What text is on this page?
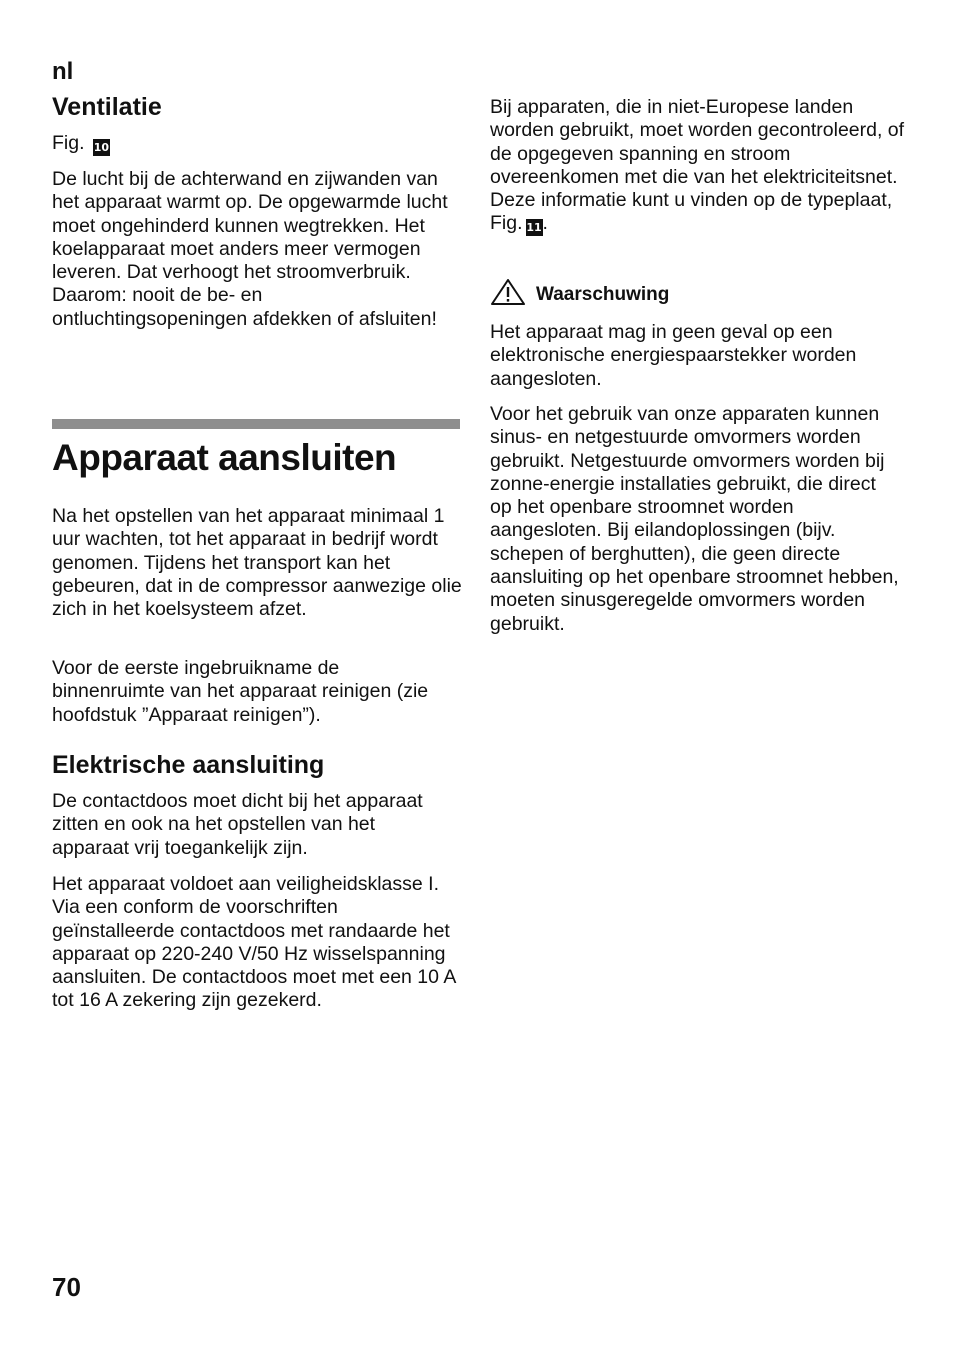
nl
Ventilatie
Fig. 10

De lucht bij de achterwand en zijwanden van het apparaat warmt op. De opgewarmde lucht moet ongehinderd kunnen wegtrekken. Het koelapparaat moet anders meer vermogen leveren. Dat verhoogt het stroomverbruik. Daarom: nooit de be- en ontluchtingsopeningen afdekken of afsluiten!

Apparaat aansluiten

Na het opstellen van het apparaat minimaal 1 uur wachten, tot het apparaat in bedrijf wordt genomen. Tijdens het transport kan het gebeuren, dat in de compressor aanwezige olie zich in het koelsysteem afzet.

Voor de eerste ingebruikname de binnenruimte van het apparaat reinigen (zie hoofdstuk ”Apparaat reinigen”).

Elektrische aansluiting

De contactdoos moet dicht bij het apparaat zitten en ook na het opstellen van het apparaat vrij toegankelijk zijn.

Het apparaat voldoet aan veiligheidsklasse I. Via een conform de voorschriften geïnstalleerde contactdoos met randaarde het apparaat op 220-240 V/50 Hz wisselspanning aansluiten. De contactdoos moet met een 10 A tot 16 A zekering zijn gezekerd.

Bij apparaten, die in niet-Europese landen worden gebruikt, moet worden gecontroleerd, of de opgegeven spanning en stroom overeenkomen met die van het elektriciteitsnet. Deze informatie kunt u vinden op de typeplaat, Fig. 11.

Waarschuwing

Het apparaat mag in geen geval op een elektronische energiespaarstekker worden aangesloten.

Voor het gebruik van onze apparaten kunnen sinus- en netgestuurde omvormers worden gebruikt. Netgestuurde omvormers worden bij zonne-energie installaties gebruikt, die direct op het openbare stroomnet worden aangesloten. Bij eilandoplossingen (bijv. schepen of berghutten), die geen directe aansluiting op het openbare stroomnet hebben, moeten sinusgeregelde omvormers worden gebruikt.

70
